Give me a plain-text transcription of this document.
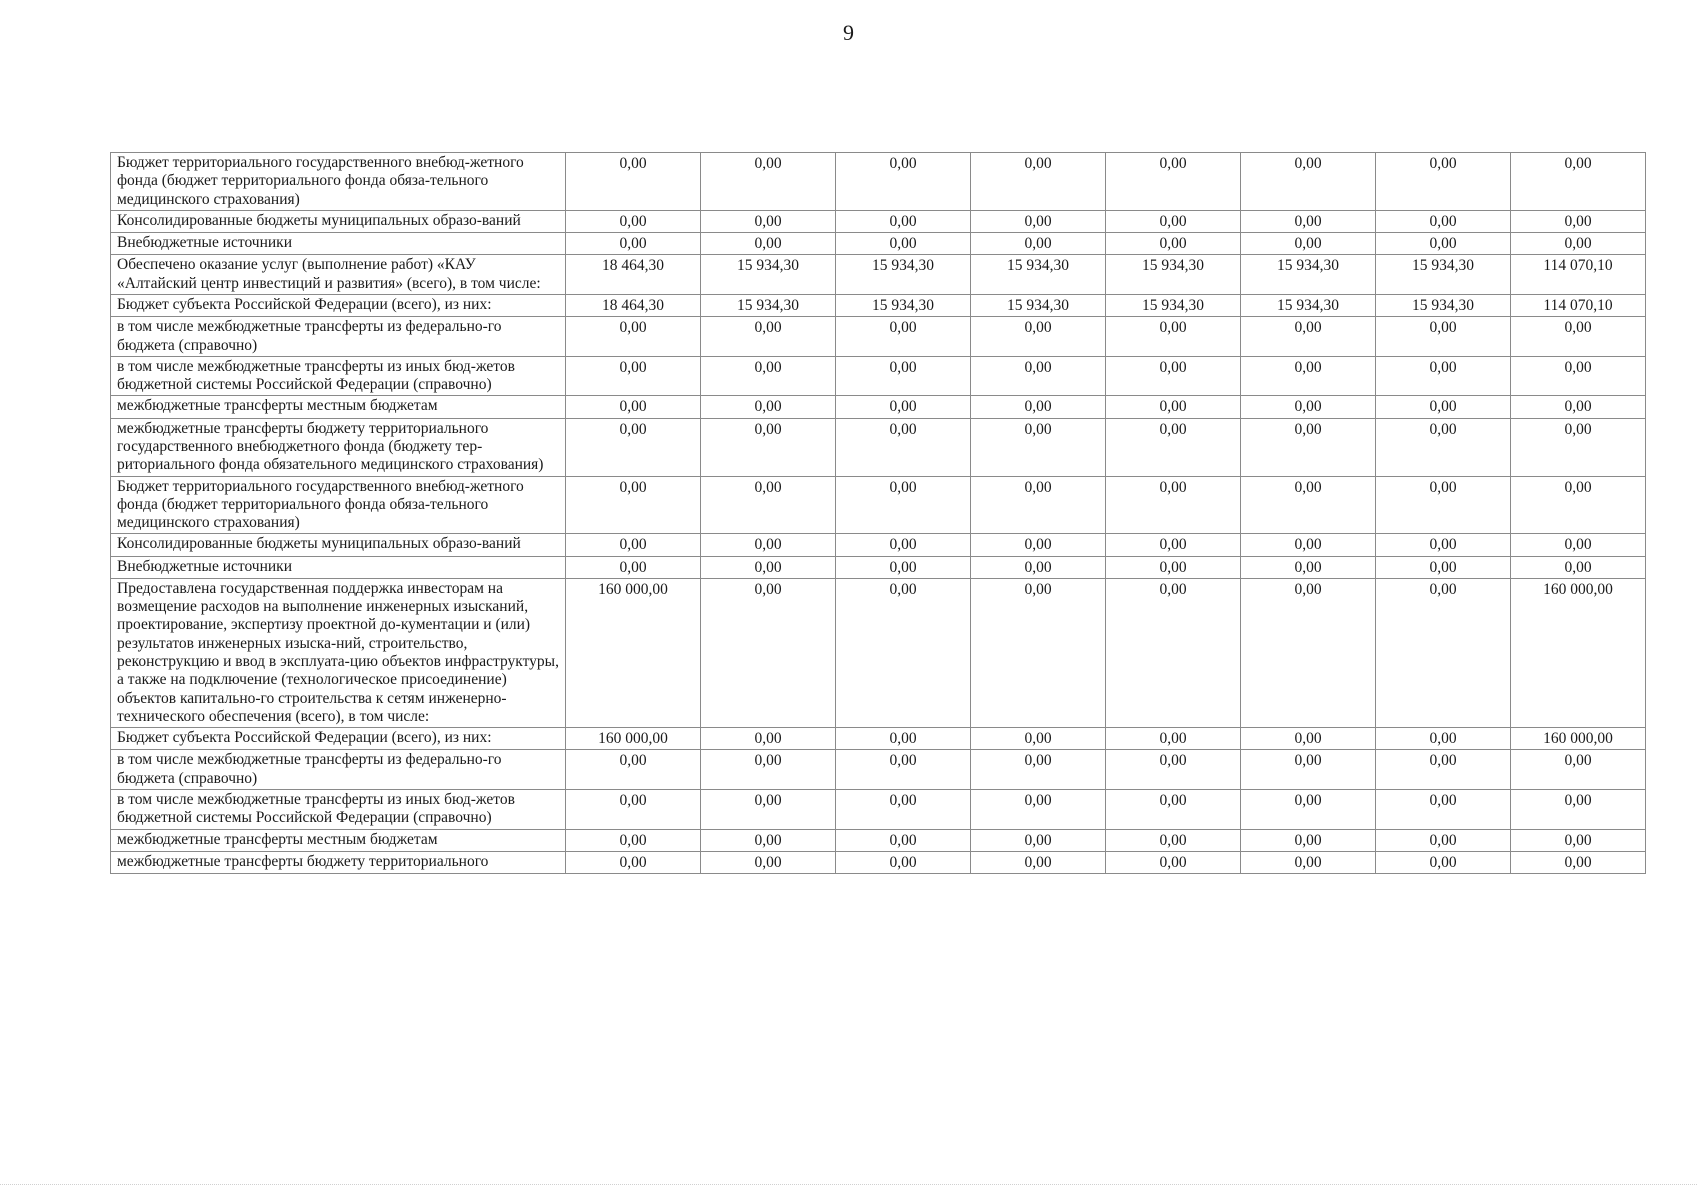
9
Бюджет территориального государственного внебюд-жетного фонда (бюджет территориального фонда обяза-тельного медицинского страхования)	0,00	0,00	0,00	0,00	0,00	0,00	0,00	0,00
Консолидированные бюджеты муниципальных образо-ваний	0,00	0,00	0,00	0,00	0,00	0,00	0,00	0,00
Внебюджетные источники	0,00	0,00	0,00	0,00	0,00	0,00	0,00	0,00
Обеспечено оказание услуг (выполнение работ) «КАУ «Алтайский центр инвестиций и развития» (всего), в том числе:	18 464,30	15 934,30	15 934,30	15 934,30	15 934,30	15 934,30	15 934,30	114 070,10
Бюджет субъекта Российской Федерации (всего), из них:	18 464,30	15 934,30	15 934,30	15 934,30	15 934,30	15 934,30	15 934,30	114 070,10
в том числе межбюджетные трансферты из федерально-го бюджета (справочно)	0,00	0,00	0,00	0,00	0,00	0,00	0,00	0,00
в том числе межбюджетные трансферты из иных бюд-жетов бюджетной системы Российской Федерации (справочно)	0,00	0,00	0,00	0,00	0,00	0,00	0,00	0,00
межбюджетные трансферты местным бюджетам	0,00	0,00	0,00	0,00	0,00	0,00	0,00	0,00
межбюджетные трансферты бюджету территориального государственного внебюджетного фонда (бюджету тер-риториального фонда обязательного медицинского страхования)	0,00	0,00	0,00	0,00	0,00	0,00	0,00	0,00
Бюджет территориального государственного внебюд-жетного фонда (бюджет территориального фонда обяза-тельного медицинского страхования)	0,00	0,00	0,00	0,00	0,00	0,00	0,00	0,00
Консолидированные бюджеты муниципальных образо-ваний	0,00	0,00	0,00	0,00	0,00	0,00	0,00	0,00
Внебюджетные источники	0,00	0,00	0,00	0,00	0,00	0,00	0,00	0,00
Предоставлена государственная поддержка инвесторам на возмещение расходов на выполнение инженерных изысканий, проектирование, экспертизу проектной до-кументации и (или) результатов инженерных изыска-ний, строительство, реконструкцию и ввод в эксплуата-цию объектов инфраструктуры, а также на подключение (технологическое присоединение) объектов капитально-го строительства к сетям инженерно-технического обеспечения (всего), в том числе:	160 000,00	0,00	0,00	0,00	0,00	0,00	0,00	160 000,00
Бюджет субъекта Российской Федерации (всего), из них:	160 000,00	0,00	0,00	0,00	0,00	0,00	0,00	160 000,00
в том числе межбюджетные трансферты из федерально-го бюджета (справочно)	0,00	0,00	0,00	0,00	0,00	0,00	0,00	0,00
в том числе межбюджетные трансферты из иных бюд-жетов бюджетной системы Российской Федерации (справочно)	0,00	0,00	0,00	0,00	0,00	0,00	0,00	0,00
межбюджетные трансферты местным бюджетам	0,00	0,00	0,00	0,00	0,00	0,00	0,00	0,00
межбюджетные трансферты бюджету территориального	0,00	0,00	0,00	0,00	0,00	0,00	0,00	0,00
